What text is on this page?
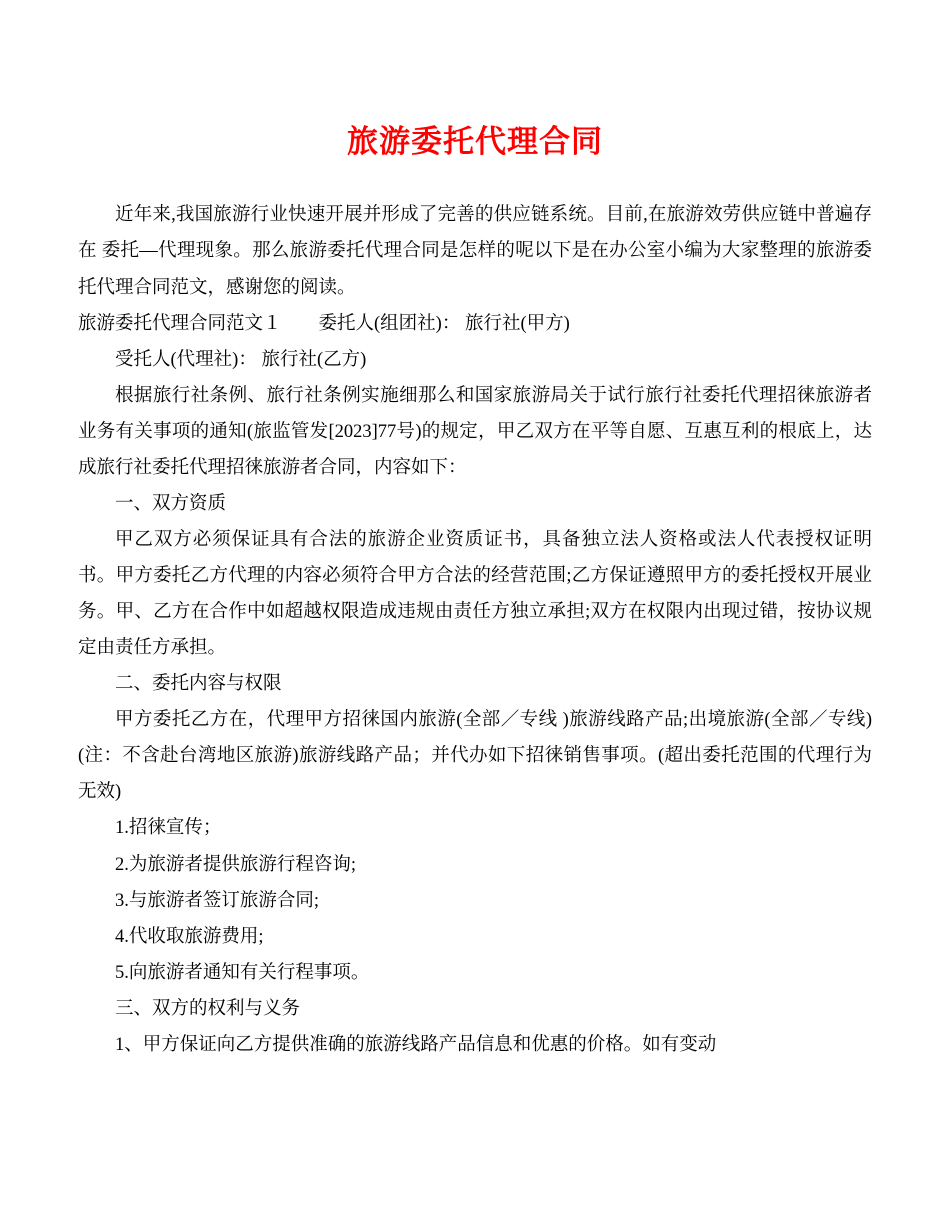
旅游委托代理合同

近年来,我国旅游行业快速开展并形成了完善的供应链系统。目前,在旅游效劳供应链中普遍存在 委托—代理现象。那么旅游委托代理合同是怎样的呢以下是在办公室小编为大家整理的旅游委托代理合同范文，感谢您的阅读。

旅游委托代理合同范文１　　委托人(组团社)： 旅行社(甲方)

受托人(代理社)： 旅行社(乙方)

根据旅行社条例、旅行社条例实施细那么和国家旅游局关于试行旅行社委托代理招徕旅游者业务有关事项的通知(旅监管发[2023]77号)的规定，甲乙双方在平等自愿、互惠互利的根底上，达成旅行社委托代理招徕旅游者合同，内容如下：

一、双方资质

甲乙双方必须保证具有合法的旅游企业资质证书，具备独立法人资格或法人代表授权证明书。甲方委托乙方代理的内容必须符合甲方合法的经营范围;乙方保证遵照甲方的委托授权开展业务。甲、乙方在合作中如超越权限造成违规由责任方独立承担;双方在权限内出现过错，按协议规定由责任方承担。

二、委托内容与权限

甲方委托乙方在，代理甲方招徕国内旅游(全部／专线 )旅游线路产品;出境旅游(全部／专线)(注：不含赴台湾地区旅游)旅游线路产品；并代办如下招徕销售事项。(超出委托范围的代理行为无效)

1.招徕宣传；

2.为旅游者提供旅游行程咨询;

3.与旅游者签订旅游合同;

4.代收取旅游费用;

5.向旅游者通知有关行程事项。

三、双方的权利与义务

1、甲方保证向乙方提供准确的旅游线路产品信息和优惠的价格。如有变动
